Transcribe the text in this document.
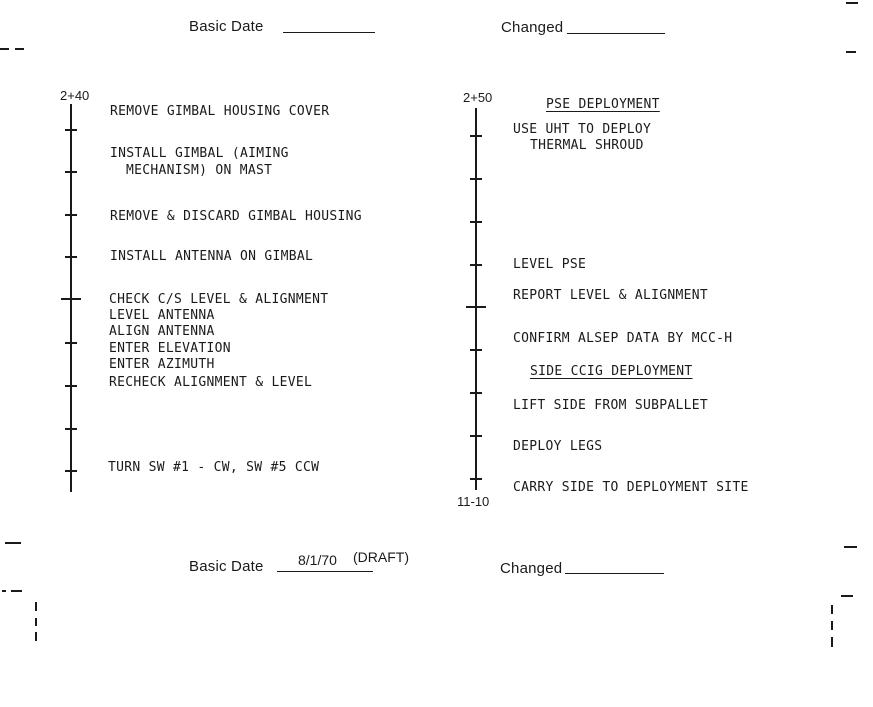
Basic Date	Changed
2+40
REMOVE GIMBAL HOUSING COVER
INSTALL GIMBAL (AIMING
MECHANISM) ON MAST
REMOVE & DISCARD GIMBAL HOUSING
INSTALL ANTENNA ON GIMBAL
CHECK C/S LEVEL & ALIGNMENT
LEVEL ANTENNA
ALIGN ANTENNA
ENTER ELEVATION
ENTER AZIMUTH
RECHECK ALIGNMENT & LEVEL
TURN SW #1 - CW, SW #5 CCW
2+50
11-10
PSE DEPLOYMENT
USE UHT TO DEPLOY
THERMAL SHROUD
LEVEL PSE
REPORT LEVEL & ALIGNMENT
CONFIRM ALSEP DATA BY MCC-H
SIDE CCIG DEPLOYMENT
LIFT SIDE FROM SUBPALLET
DEPLOY LEGS
CARRY SIDE TO DEPLOYMENT SITE
Basic Date 8/1/70 (DRAFT)
Changed
